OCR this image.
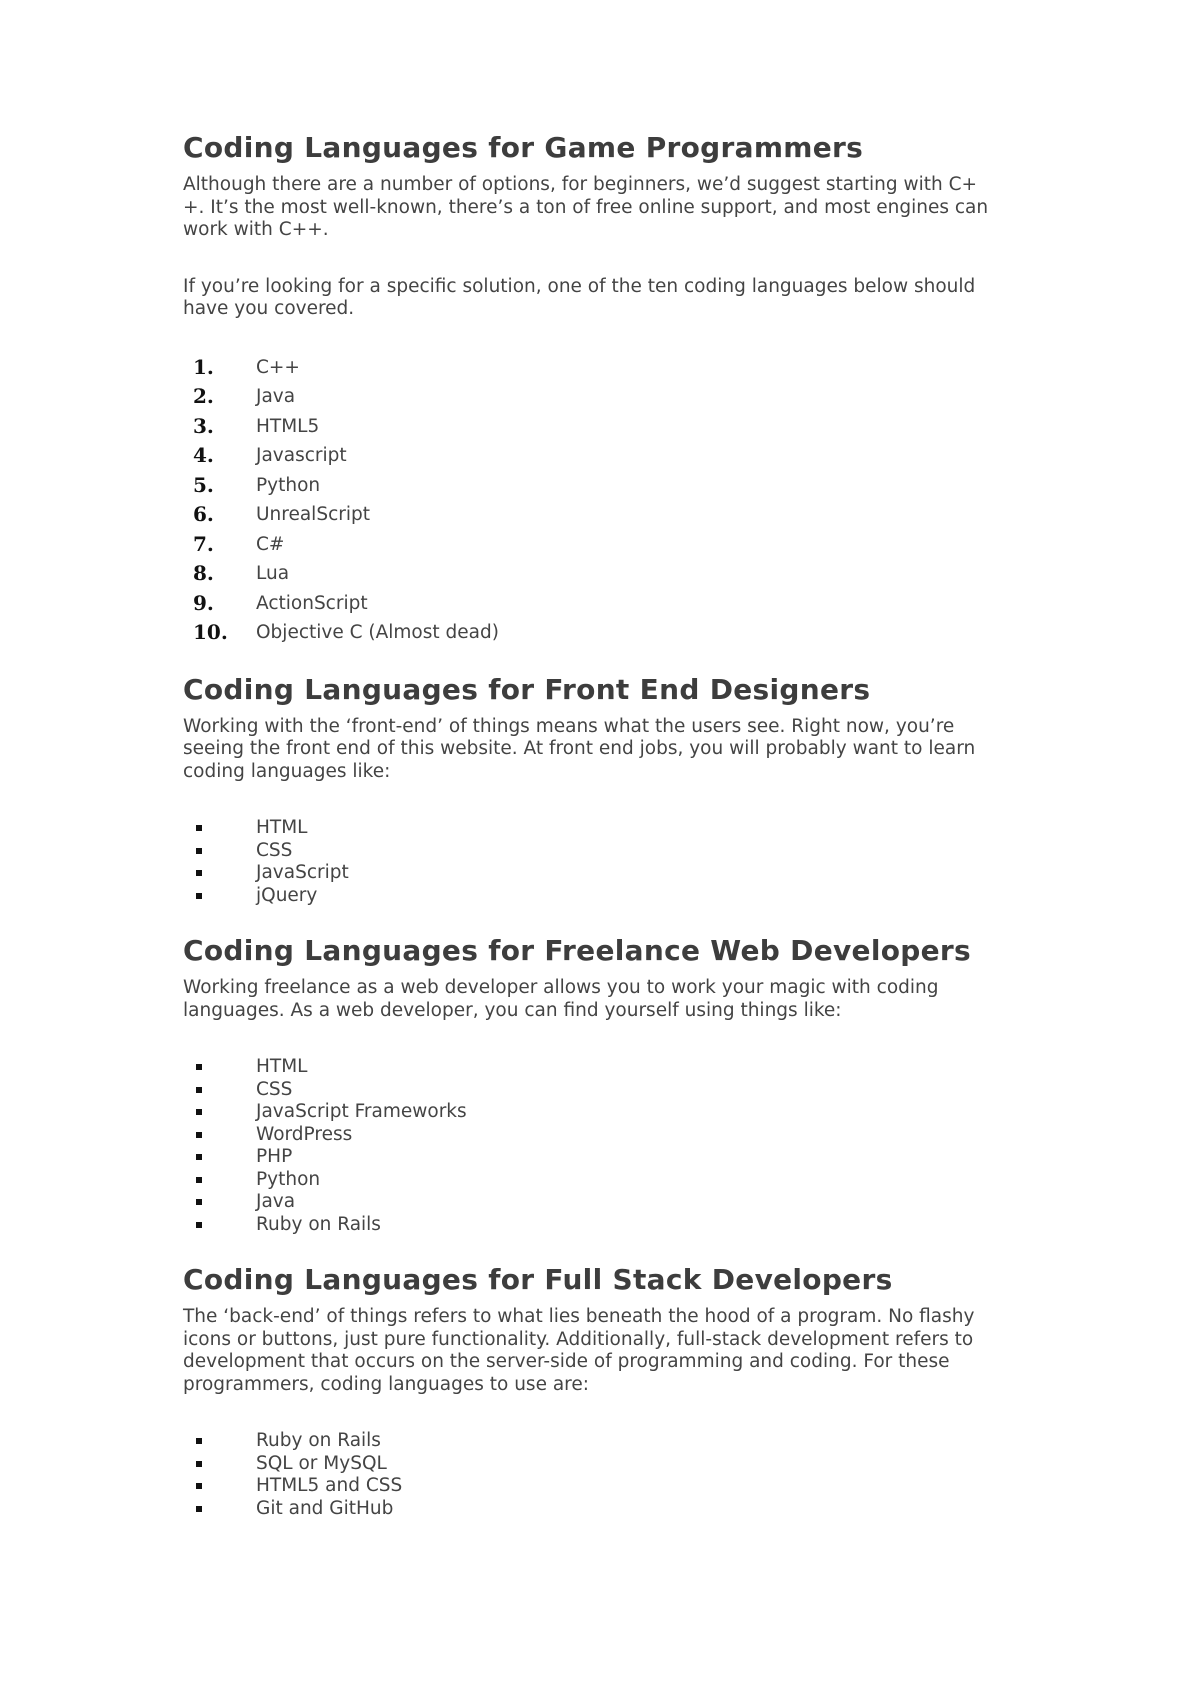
Coding Languages for Game Programmers

Although there are a number of options, for beginners, we’d suggest starting with C+
+. It’s the most well-known, there’s a ton of free online support, and most engines can
work with C++.

If you’re looking for a specific solution, one of the ten coding languages below should
have you covered.

1. C++
2. Java
3. HTML5
4. Javascript
5. Python
6. UnrealScript
7. C#
8. Lua
9. ActionScript
10. Objective C (Almost dead)
Coding Languages for Front End Designers

Working with the ‘front-end’ of things means what the users see. Right now, you’re
seeing the front end of this website. At front end jobs, you will probably want to learn
coding languages like:

HTML
CSS
JavaScript
jQuery
Coding Languages for Freelance Web Developers

Working freelance as a web developer allows you to work your magic with coding
languages. As a web developer, you can find yourself using things like:

HTML
CSS
JavaScript Frameworks
WordPress
PHP
Python
Java
Ruby on Rails
Coding Languages for Full Stack Developers

The ‘back-end’ of things refers to what lies beneath the hood of a program. No flashy
icons or buttons, just pure functionality. Additionally, full-stack development refers to
development that occurs on the server-side of programming and coding. For these
programmers, coding languages to use are:

Ruby on Rails
SQL or MySQL
HTML5 and CSS
Git and GitHub
